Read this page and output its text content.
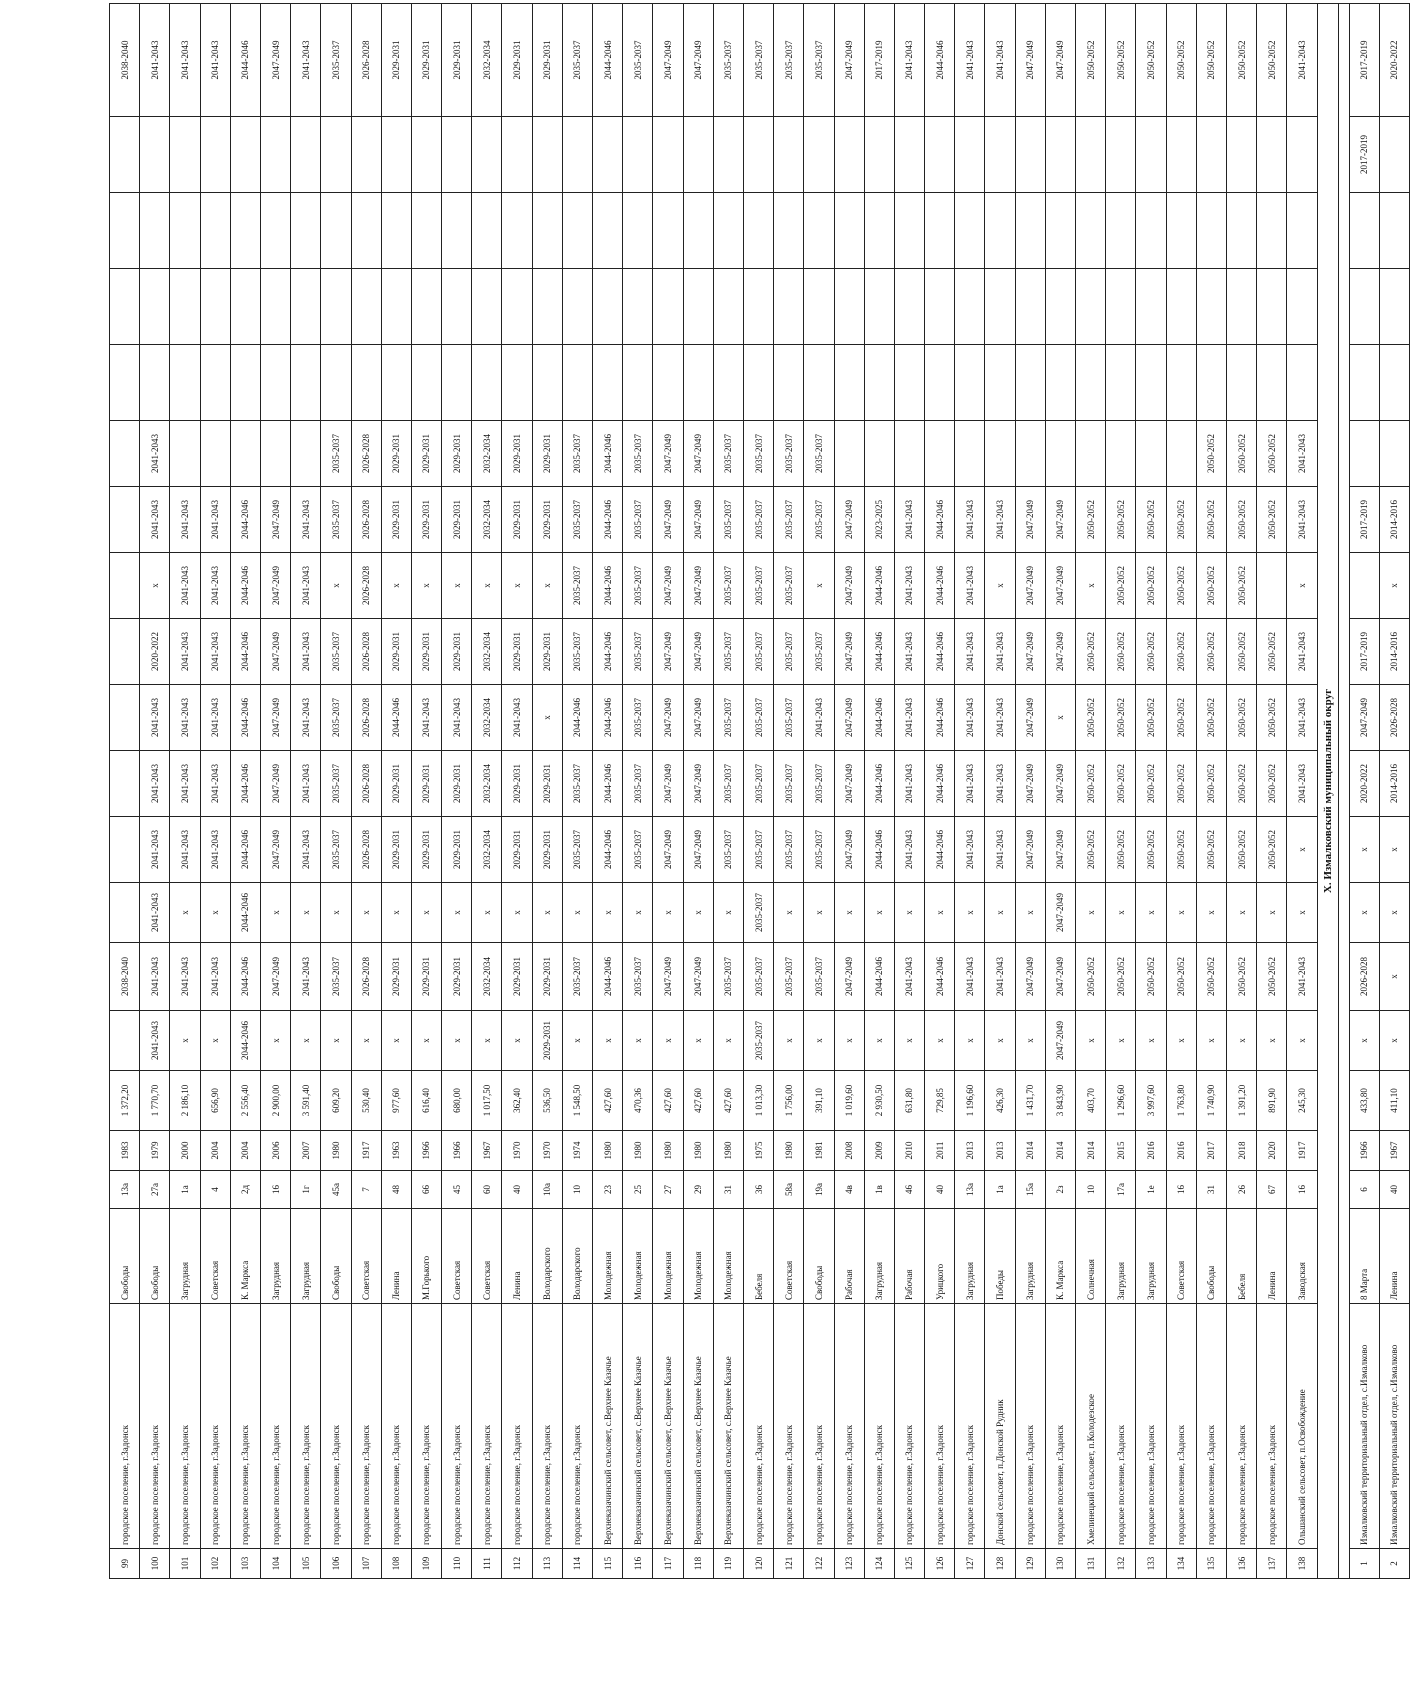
99	городское поселение, г.Задонск	Свободы	13а	1983	1 372,20		2038-2040													2038-2040
100	городское поселение, г.Задонск	Свободы	27а	1979	1 770,70	2041-2043	2041-2043	2041-2043	2041-2043	2041-2043	2041-2043	2020-2022	x	2041-2043	2041-2043					2041-2043
101	городское поселение, г.Задонск	Загрудная	1а	2000	2 186,10	x	2041-2043	x	2041-2043	2041-2043	2041-2043	2041-2043	2041-2043	2041-2043						2041-2043
102	городское поселение, г.Задонск	Советская	4	2004	656,90	x	2041-2043	x	2041-2043	2041-2043	2041-2043	2041-2043	2041-2043	2041-2043						2041-2043
103	городское поселение, г.Задонск	К. Маркса	2д	2004	2 556,40	2044-2046	2044-2046	2044-2046	2044-2046	2044-2046	2044-2046	2044-2046	2044-2046	2044-2046						2044-2046
104	городское поселение, г.Задонск	Загрудная	16	2006	2 900,00	x	2047-2049	x	2047-2049	2047-2049	2047-2049	2047-2049	2047-2049	2047-2049						2047-2049
105	городское поселение, г.Задонск	Загрудная	1г	2007	3 591,40	x	2041-2043	x	2041-2043	2041-2043	2041-2043	2041-2043	2041-2043	2041-2043						2041-2043
106	городское поселение, г.Задонск	Свободы	45а	1980	609,20	x	2035-2037	x	2035-2037	2035-2037	2035-2037	2035-2037	x	2035-2037	2035-2037					2035-2037
107	городское поселение, г.Задонск	Советская	7	1917	530,40	x	2026-2028	x	2026-2028	2026-2028	2026-2028	2026-2028	2026-2028	2026-2028	2026-2028					2026-2028
108	городское поселение, г.Задонск	Ленина	48	1963	977,60	x	2029-2031	x	2029-2031	2029-2031	2044-2046	2029-2031	x	2029-2031	2029-2031					2029-2031
109	городское поселение, г.Задонск	М.Горького	66	1966	616,40	x	2029-2031	x	2029-2031	2029-2031	2041-2043	2029-2031	x	2029-2031	2029-2031					2029-2031
110	городское поселение, г.Задонск	Советская	45	1966	680,00	x	2029-2031	x	2029-2031	2029-2031	2041-2043	2029-2031	x	2029-2031	2029-2031					2029-2031
111	городское поселение, г.Задонск	Советская	60	1967	1 017,50	x	2032-2034	x	2032-2034	2032-2034	2032-2034	2032-2034	x	2032-2034	2032-2034					2032-2034
112	городское поселение, г.Задонск	Ленина	40	1970	362,40	x	2029-2031	x	2029-2031	2029-2031	2041-2043	2029-2031	x	2029-2031	2029-2031					2029-2031
113	городское поселение, г.Задонск	Володарского	10а	1970	536,50	2029-2031	2029-2031	x	2029-2031	2029-2031	x	2029-2031	x	2029-2031	2029-2031					2029-2031
114	городское поселение, г.Задонск	Володарского	10	1974	1 548,50	x	2035-2037	x	2035-2037	2035-2037	2044-2046	2035-2037	2035-2037	2035-2037	2035-2037					2035-2037
115	Верхнеказачинский сельсовет, с.Верхнее Казачье	Молодежная	23	1980	427,60	x	2044-2046	x	2044-2046	2044-2046	2044-2046	2044-2046	2044-2046	2044-2046	2044-2046					2044-2046
116	Верхнеказачинский сельсовет, с.Верхнее Казачье	Молодежная	25	1980	470,36	x	2035-2037	x	2035-2037	2035-2037	2035-2037	2035-2037	2035-2037	2035-2037	2035-2037					2035-2037
117	Верхнеказачинский сельсовет, с.Верхнее Казачье	Молодежная	27	1980	427,60	x	2047-2049	x	2047-2049	2047-2049	2047-2049	2047-2049	2047-2049	2047-2049	2047-2049					2047-2049
118	Верхнеказачинский сельсовет, с.Верхнее Казачье	Молодежная	29	1980	427,60	x	2047-2049	x	2047-2049	2047-2049	2047-2049	2047-2049	2047-2049	2047-2049	2047-2049					2047-2049
119	Верхнеказачинский сельсовет, с.Верхнее Казачье	Молодежная	31	1980	427,60	x	2035-2037	x	2035-2037	2035-2037	2035-2037	2035-2037	2035-2037	2035-2037	2035-2037					2035-2037
120	городское поселение, г.Задонск	Бебеля	36	1975	1 013,30	2035-2037	2035-2037	2035-2037	2035-2037	2035-2037	2035-2037	2035-2037	2035-2037	2035-2037	2035-2037					2035-2037
121	городское поселение, г.Задонск	Советская	58а	1980	1 756,00	x	2035-2037	x	2035-2037	2035-2037	2035-2037	2035-2037	2035-2037	2035-2037	2035-2037					2035-2037
122	городское поселение, г.Задонск	Свободы	19а	1981	391,10	x	2035-2037	x	2035-2037	2035-2037	2041-2043	2035-2037	x	2035-2037	2035-2037					2035-2037
123	городское поселение, г.Задонск	Рабочая	4в	2008	1 019,60	x	2047-2049	x	2047-2049	2047-2049	2047-2049	2047-2049	2047-2049	2047-2049						2047-2049
124	городское поселение, г.Задонск	Загрудная	1в	2009	2 930,50	x	2044-2046	x	2044-2046	2044-2046	2044-2046	2044-2046	2044-2046	2023-2025						2017-2019
125	городское поселение, г.Задонск	Рабочая	46	2010	631,80	x	2041-2043	x	2041-2043	2041-2043	2041-2043	2041-2043	2041-2043	2041-2043						2041-2043
126	городское поселение, г.Задонск	Урицкого	40	2011	729,85	x	2044-2046	x	2044-2046	2044-2046	2044-2046	2044-2046	2044-2046	2044-2046						2044-2046
127	городское поселение, г.Задонск	Загрудная	13а	2013	1 196,60	x	2041-2043	x	2041-2043	2041-2043	2041-2043	2041-2043	2041-2043	2041-2043						2041-2043
128	Донской сельсовет, п.Донской Рудник	Победы	1а	2013	426,30	x	2041-2043	x	2041-2043	2041-2043	2041-2043	2041-2043	x	2041-2043						2041-2043
129	городское поселение, г.Задонск	Загрудная	15а	2014	1 431,70	x	2047-2049	x	2047-2049	2047-2049	2047-2049	2047-2049	2047-2049	2047-2049						2047-2049
130	городское поселение, г.Задонск	К. Маркса	2з	2014	3 843,90	2047-2049	2047-2049	2047-2049	2047-2049	2047-2049	x	2047-2049	2047-2049	2047-2049						2047-2049
131	Хмелинецкий сельсовет, п.Колодезское	Солнечная	10	2014	403,70	x	2050-2052	x	2050-2052	2050-2052	2050-2052	2050-2052	x	2050-2052						2050-2052
132	городское поселение, г.Задонск	Загрудная	17а	2015	1 296,60	x	2050-2052	x	2050-2052	2050-2052	2050-2052	2050-2052	2050-2052	2050-2052						2050-2052
133	городское поселение, г.Задонск	Загрудная	1е	2016	3 997,60	x	2050-2052	x	2050-2052	2050-2052	2050-2052	2050-2052	2050-2052	2050-2052						2050-2052
134	городское поселение, г.Задонск	Советская	16	2016	1 763,80	x	2050-2052	x	2050-2052	2050-2052	2050-2052	2050-2052	2050-2052	2050-2052						2050-2052
135	городское поселение, г.Задонск	Свободы	31	2017	1 740,90	x	2050-2052	x	2050-2052	2050-2052	2050-2052	2050-2052	2050-2052	2050-2052	2050-2052					2050-2052
136	городское поселение, г.Задонск	Бебеля	26	2018	1 391,20	x	2050-2052	x	2050-2052	2050-2052	2050-2052	2050-2052	2050-2052	2050-2052	2050-2052					2050-2052
137	городское поселение, г.Задонск	Ленина	67	2020	891,90	x	2050-2052	x	2050-2052	2050-2052	2050-2052	2050-2052		2050-2052	2050-2052					2050-2052
138	Ольшанский сельсовет, п.Освобождение	Заводская	16	1917	245,30	x	2041-2043	x	x	2041-2043	2041-2043	2041-2043	x	2041-2043	2041-2043					2041-2043
X. Измалковский муниципальный округ																				

1	Измалковский территориальный отдел, с.Измалково	8 Марта	6	1966	433,80	x	2026-2028	x	x	2020-2022	2047-2049	2017-2019		2017-2019					2017-2019	2017-2019
2	Измалковский территориальный отдел, с.Измалково	Ленина	40	1967	411,10	x	x	x	x	2014-2016	2026-2028	2014-2016	x	2014-2016						2020-2022
